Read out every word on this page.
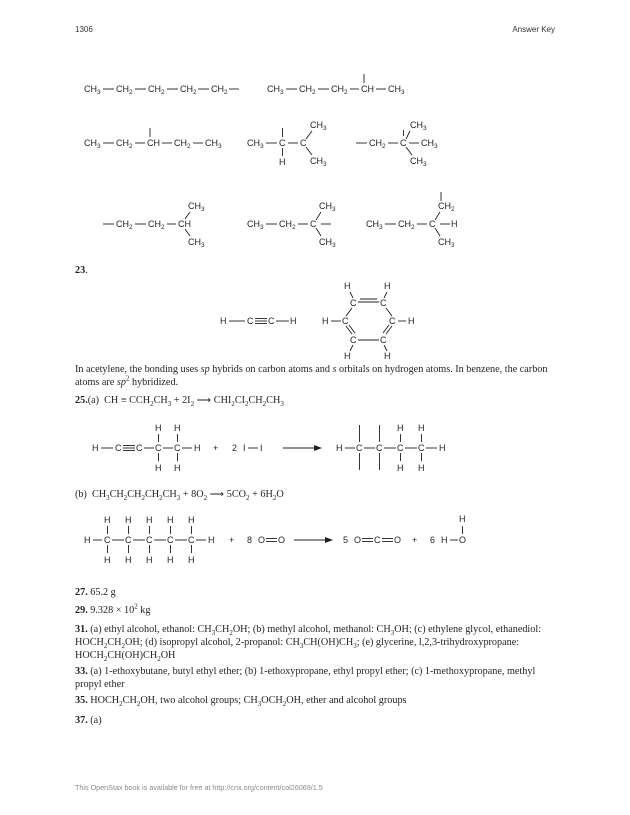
1306	Answer Key
$CH_3$ $CH_2$ $CH_2$ $CH_2$ $CH_2$	$CH_3$ $CH_2$ $CH_2$ CH $CH_3$
$CH_3$ $CH_2$ CH $CH_2$ $CH_3$	$CH_3$ C
H
C
$CH_3$
$CH_3$
$CH_2$ C
$CH_3$
$CH_3$
$CH_3$
$CH_2$ $CH_2$ CH
$CH_3$
$CH_3$
$CH_3$ $CH_2$ C
$CH_3$
$CH_3$
$CH_3$ $CH_2$ C
$CH_2$
H
$CH_3$
H C C H
H	H
C	C
H C	C H
C	C
H	H
H C C C
H
H
C
H
H
H + 2 I I	H C C C
H
H
C
H
H
H
H C
H
H
C
H
H
C
H
H
C
H
H
C
H
H
H + 8 O O	5 O C O + 6 H O
H
23.

In acetylene, the bonding uses sp hybrids on carbon atoms and s orbitals on hydrogen atoms. In benzene, the carbon atoms are $sp^2$ hybridized.

25.(a) CH ≡ $CCH_2CH_3 + 2I_2$ ⟶ $CHI_2CI_2CH_2CH_3$
(b) $CH_3CH_2CH_2CH_2CH_3 + 8O_2$ ⟶ $5CO_2 + 6H_2O$
27. 65.2 g
29. $9.328 \times 10^2$ kg
31. (a) ethyl alcohol, ethanol: $CH_3CH_2OH$; (b) methyl alcohol, methanol: $CH_3OH$; (c) ethylene glycol, ethanediol: $HOCH_2CH_2OH$; (d) isopropyl alcohol, 2-propanol: $CH_3CH(OH)CH_3$; (e) glycerine, l,2,3-trihydroxypropane: $HOCH_2CH(OH)CH_2OH$
33. (a) 1-ethoxybutane, butyl ethyl ether; (b) 1-ethoxypropane, ethyl propyl ether; (c) 1-methoxypropane, methyl propyl ether
35. $HOCH_2CH_2OH$, two alcohol groups; $CH_3OCH_2OH$, ether and alcohol groups
37. (a)
This OpenStax book is available for free at http://cnx.org/content/col26069/1.5
